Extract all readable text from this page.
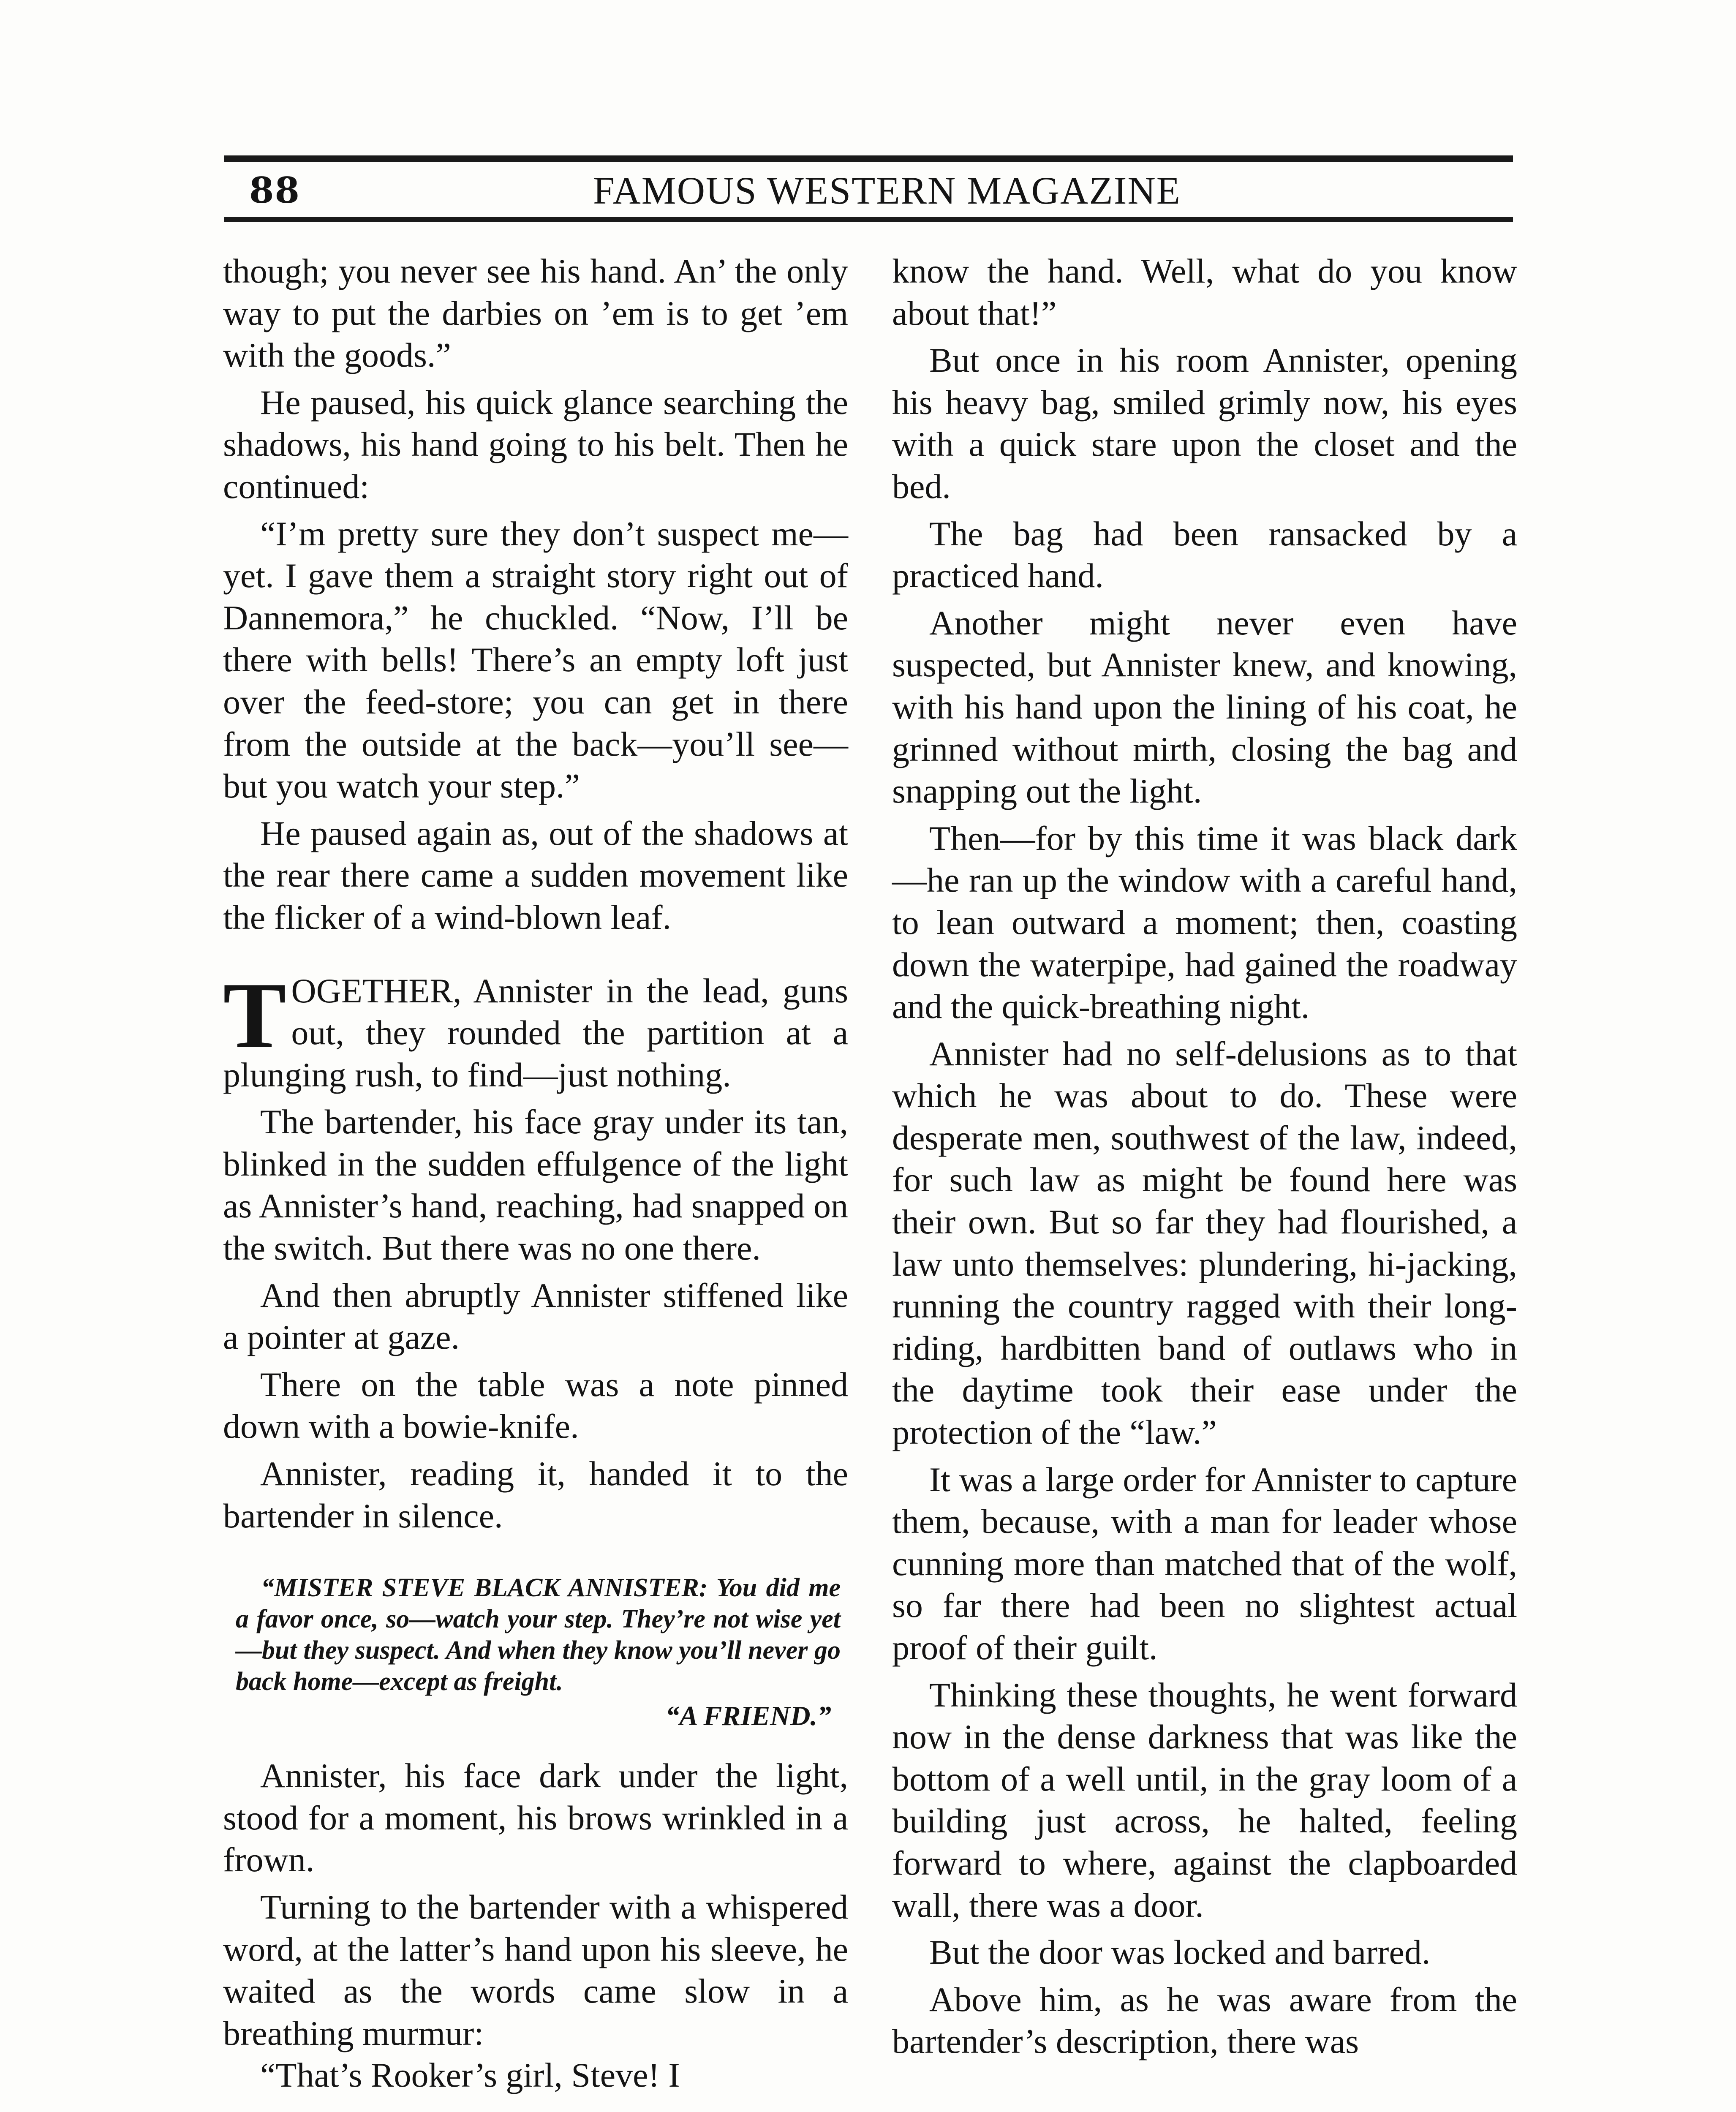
88	FAMOUS WESTERN MAGAZINE

though; you never see his hand. An’ the only way to put the darbies on ’em is to get ’em with the goods.”

He paused, his quick glance searching the shadows, his hand going to his belt. Then he continued:

“I’m pretty sure they don’t suspect me—yet. I gave them a straight story right out of Dannemora,” he chuckled. “Now, I’ll be there with bells! There’s an empty loft just over the feed-store; you can get in there from the outside at the back—you’ll see—but you watch your step.”

He paused again as, out of the shadows at the rear there came a sudden movement like the flicker of a wind-blown leaf.

TOGETHER, Annister in the lead, guns out, they rounded the partition at a plunging rush, to find—just nothing.

The bartender, his face gray under its tan, blinked in the sudden effulgence of the light as Annister’s hand, reaching, had snapped on the switch. But there was no one there.

And then abruptly Annister stiffened like a pointer at gaze.

There on the table was a note pinned down with a bowie-knife.

Annister, reading it, handed it to the bartender in silence.

“MISTER STEVE BLACK ANNISTER: You did me a favor once, so—watch your step. They’re not wise yet—but they suspect. And when they know you’ll never go back home—except as freight.
“A FRIEND.”

Annister, his face dark under the light, stood for a moment, his brows wrinkled in a frown.

Turning to the bartender with a whispered word, at the latter’s hand upon his sleeve, he waited as the words came slow in a breathing murmur:

“That’s Rooker’s girl, Steve! I

know the hand. Well, what do you know about that!”

But once in his room Annister, opening his heavy bag, smiled grimly now, his eyes with a quick stare upon the closet and the bed.

The bag had been ransacked by a practiced hand.

Another might never even have suspected, but Annister knew, and knowing, with his hand upon the lining of his coat, he grinned without mirth, closing the bag and snapping out the light.

Then—for by this time it was black dark—he ran up the window with a careful hand, to lean outward a moment; then, coasting down the waterpipe, had gained the roadway and the quick-breathing night.

Annister had no self-delusions as to that which he was about to do. These were desperate men, southwest of the law, indeed, for such law as might be found here was their own. But so far they had flourished, a law unto themselves: plundering, hi-jacking, running the country ragged with their long-riding, hardbitten band of outlaws who in the daytime took their ease under the protection of the “law.”

It was a large order for Annister to capture them, because, with a man for leader whose cunning more than matched that of the wolf, so far there had been no slightest actual proof of their guilt.

Thinking these thoughts, he went forward now in the dense darkness that was like the bottom of a well until, in the gray loom of a building just across, he halted, feeling forward to where, against the clapboarded wall, there was a door.

But the door was locked and barred.

Above him, as he was aware from the bartender’s description, there was
